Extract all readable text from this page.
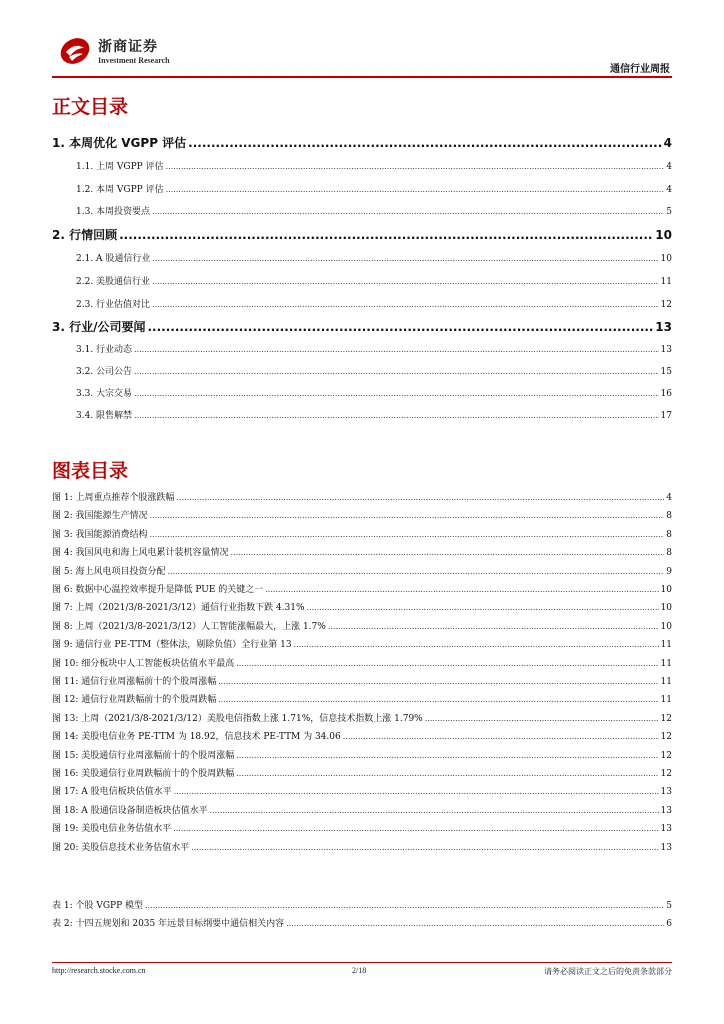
浙商证券
Investment Research
通信行业周报
正文目录
1. 本周优化 VGPP 评估 .....	4
1.1. 上周 VGPP 评估 .....	4
1.2. 本周 VGPP 评估 .....	4
1.3. 本周投资要点 .....	5
2. 行情回顾 .....	10
2.1. A 股通信行业 .....	10
2.2. 美股通信行业 .....	11
2.3. 行业估值对比 .....	12
3. 行业/公司要闻 .....	13
3.1. 行业动态 .....	13
3.2. 公司公告 .....	15
3.3. 大宗交易 .....	16
3.4. 限售解禁 .....	17
图表目录
图 1: 上周重点推荐个股涨跌幅 .....	4
图 2: 我国能源生产情况 .....	8
图 3: 我国能源消费结构 .....	8
图 4: 我国风电和海上风电累计装机容量情况 .....	8
图 5: 海上风电项目投资分配 .....	9
图 6: 数据中心温控效率提升是降低 PUE 的关键之一 .....	10
图 7: 上周（2021/3/8-2021/3/12）通信行业指数下跌 4.31% .....	10
图 8: 上周（2021/3/8-2021/3/12）人工智能涨幅最大，上涨 1.7% .....	10
图 9: 通信行业 PE-TTM（整体法，剔除负值）全行业第 13 .....	11
图 10: 细分板块中人工智能板块估值水平最高 .....	11
图 11: 通信行业周涨幅前十的个股周涨幅 .....	11
图 12: 通信行业周跌幅前十的个股周跌幅 .....	11
图 13: 上周（2021/3/8-2021/3/12）美股电信指数上涨 1.71%，信息技术指数上涨 1.79% .....	12
图 14: 美股电信业务 PE-TTM 为 18.92，信息技术 PE-TTM 为 34.06 .....	12
图 15: 美股通信行业周涨幅前十的个股周涨幅 .....	12
图 16: 美股通信行业周跌幅前十的个股周跌幅 .....	12
图 17: A 股电信板块估值水平 .....	13
图 18: A 股通信设备制造板块估值水平 .....	13
图 19: 美股电信业务估值水平 .....	13
图 20: 美股信息技术业务估值水平 .....	13
表 1: 个股 VGPP 模型 .....	5
表 2: 十四五规划和 2035 年远景目标纲要中通信相关内容 .....	6
http://research.stocke.com.cn	2/18	请务必阅读正文之后的免责条款部分
